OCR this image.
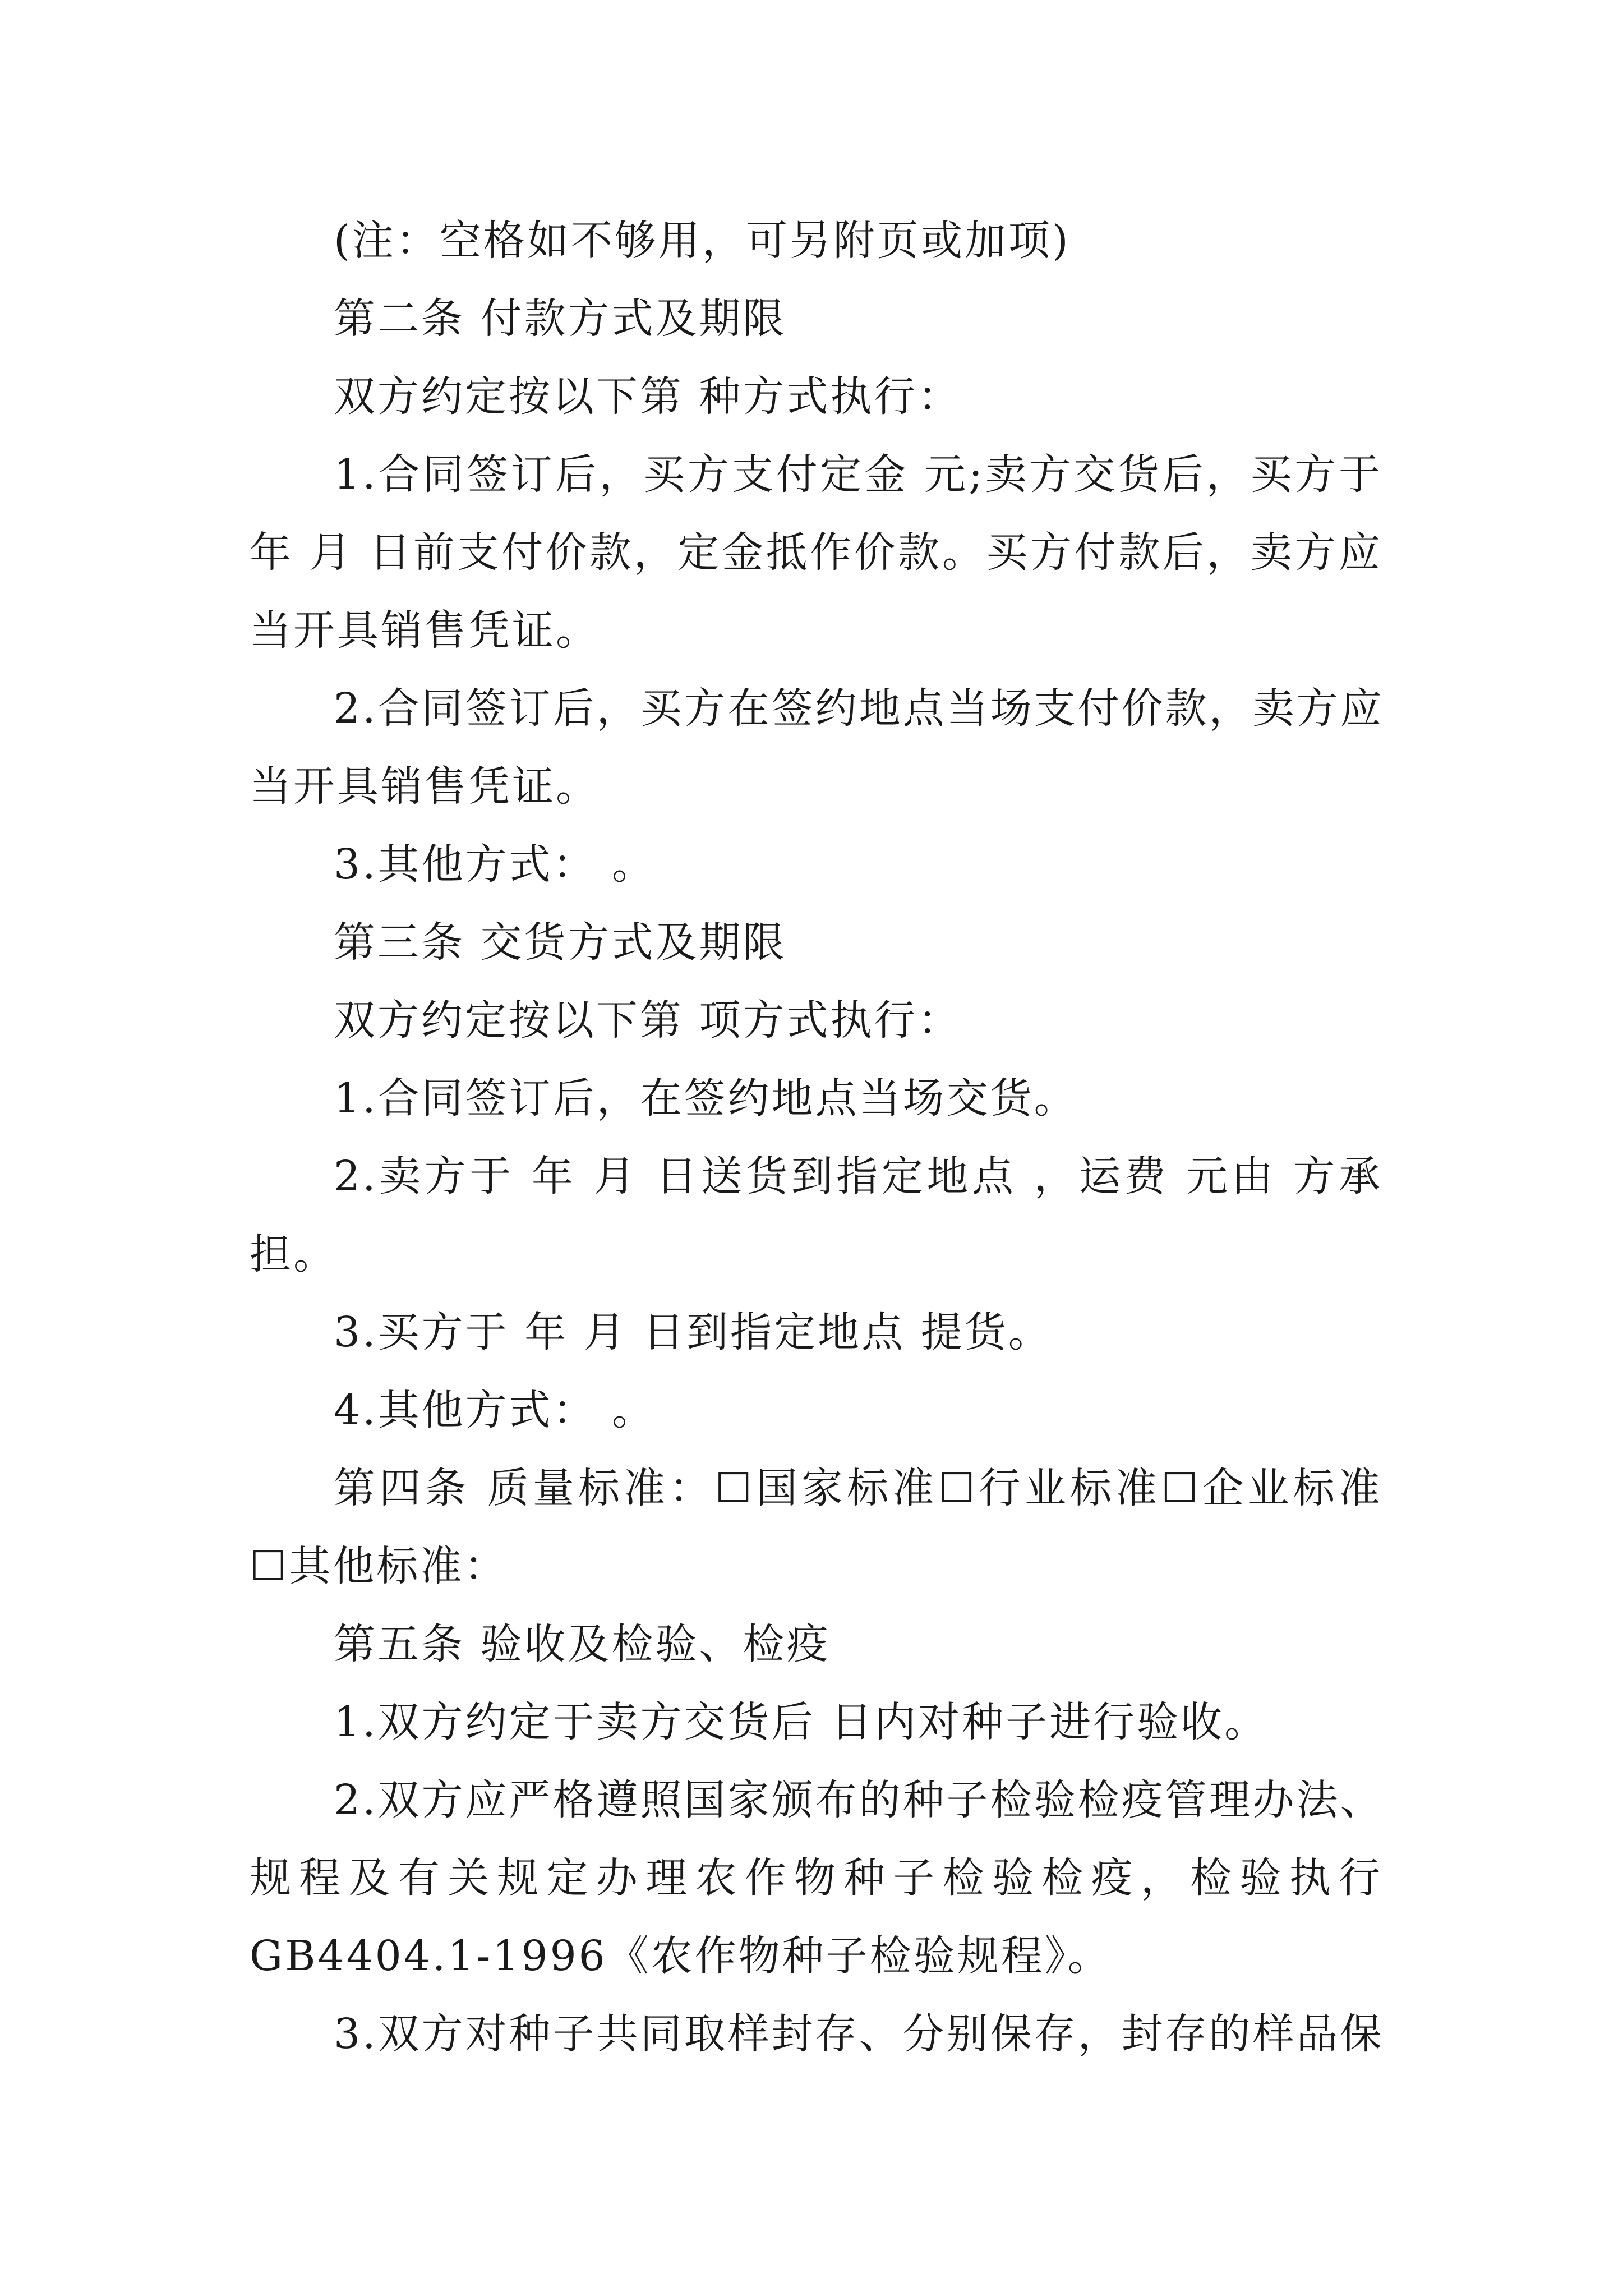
(注：空格如不够用，可另附页或加项)
第二条 付款方式及期限
双方约定按以下第 种方式执行：
1.合同签订后，买方支付定金 元;卖方交货后，买方于
年 月 日前支付价款，定金抵作价款。买方付款后，卖方应
当开具销售凭证。
2.合同签订后，买方在签约地点当场支付价款，卖方应
当开具销售凭证。
3.其他方式： 。
第三条 交货方式及期限
双方约定按以下第 项方式执行：
1.合同签订后，在签约地点当场交货。
2.卖方于 年 月 日送货到指定地点 ，运费 元由 方承
担。
3.买方于 年 月 日到指定地点 提货。
4.其他方式： 。
第四条 质量标准：☐国家标准☐行业标准☐企业标准
☐其他标准：
第五条 验收及检验、检疫
1.双方约定于卖方交货后 日内对种子进行验收。
2.双方应严格遵照国家颁布的种子检验检疫管理办法、
规程及有关规定办理农作物种子检验检疫，检验执行
GB4404.1-1996《农作物种子检验规程》。
3.双方对种子共同取样封存、分别保存，封存的样品保
